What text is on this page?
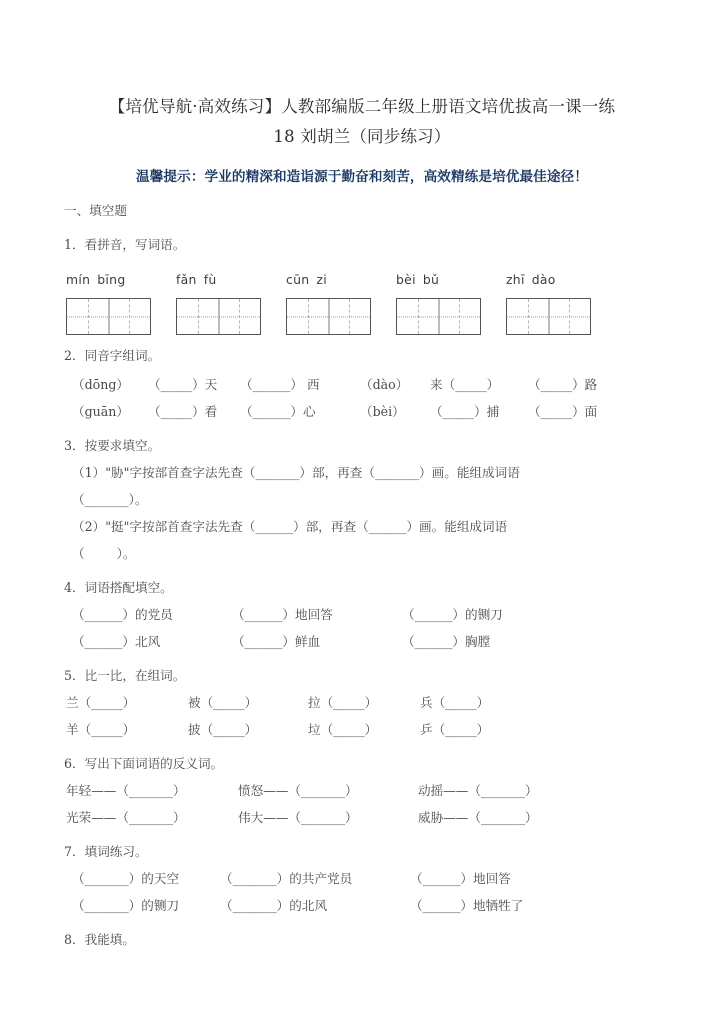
【培优导航·高效练习】人教部编版二年级上册语文培优拔高一课一练
18 刘胡兰（同步练习）
温馨提示：学业的精深和造诣源于勤奋和刻苦，高效精练是培优最佳途径！
一、填空题
1．看拼音，写词语。
mín bīng	fǎn fù	cūn zi	bèi bǔ	zhī dào
2．同音字组词。
（dōng）	（_____）天	（______） 西	（dào）	来（_____）	（_____）路
（guān）	（_____）看	（______）心	（bèi）	（_____）捕	（_____）面
3．按要求填空。
（1）"胁"字按部首查字法先查（_______）部，再查（_______）画。能组成词语
（_______）。
（2）"挺"字按部首查字法先查（______）部，再查（______）画。能组成词语
（        ）。
4．词语搭配填空。
（______）的党员	（______）地回答	（______）的铡刀
（______）北风	（______）鲜血	（______）胸膛
5．比一比，在组词。
兰（_____）	被（_____）	拉（_____）	兵（_____）
羊（_____）	披（_____）	垃（_____）	乒（_____）
6．写出下面词语的反义词。
年轻——（_______）	愤怒——（_______）	动摇——（_______）
光荣——（_______）	伟大——（_______）	威胁——（_______）
7．填词练习。
（_______）的天空	（_______）的共产党员	（______）地回答
（_______）的铡刀	（_______）的北风	（______）地牺牲了
8．我能填。
